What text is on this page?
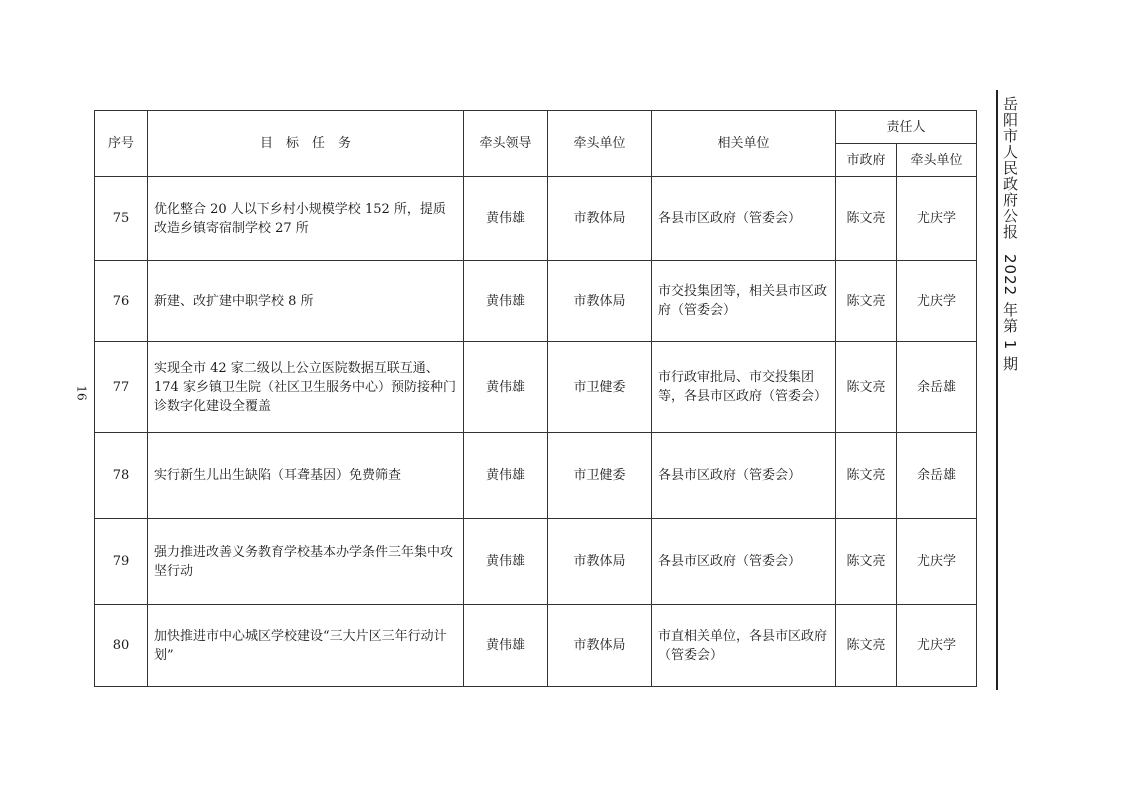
序号	目　标　任　务	牵头领导	牵头单位	相关单位	责任人	
					市政府	牵头单位
75	优化整合 20 人以下乡村小规模学校 152 所，提质改造乡镇寄宿制学校 27 所	黄伟雄	市教体局	各县市区政府（管委会）	陈文亮	尤庆学
76	新建、改扩建中职学校 8 所	黄伟雄	市教体局	市交投集团等，相关县市区政府（管委会）	陈文亮	尤庆学
77	实现全市 42 家二级以上公立医院数据互联互通、174 家乡镇卫生院（社区卫生服务中心）预防接种门诊数字化建设全覆盖	黄伟雄	市卫健委	市行政审批局、市交投集团等，各县市区政府（管委会）	陈文亮	余岳雄
78	实行新生儿出生缺陷（耳聋基因）免费筛查	黄伟雄	市卫健委	各县市区政府（管委会）	陈文亮	余岳雄
79	强力推进改善义务教育学校基本办学条件三年集中攻坚行动	黄伟雄	市教体局	各县市区政府（管委会）	陈文亮	尤庆学
80	加快推进市中心城区学校建设“三大片区三年行动计划”	黄伟雄	市教体局	市直相关单位，各县市区政府（管委会）	陈文亮	尤庆学
16
岳阳市人民政府公报2022 年第 1 期
